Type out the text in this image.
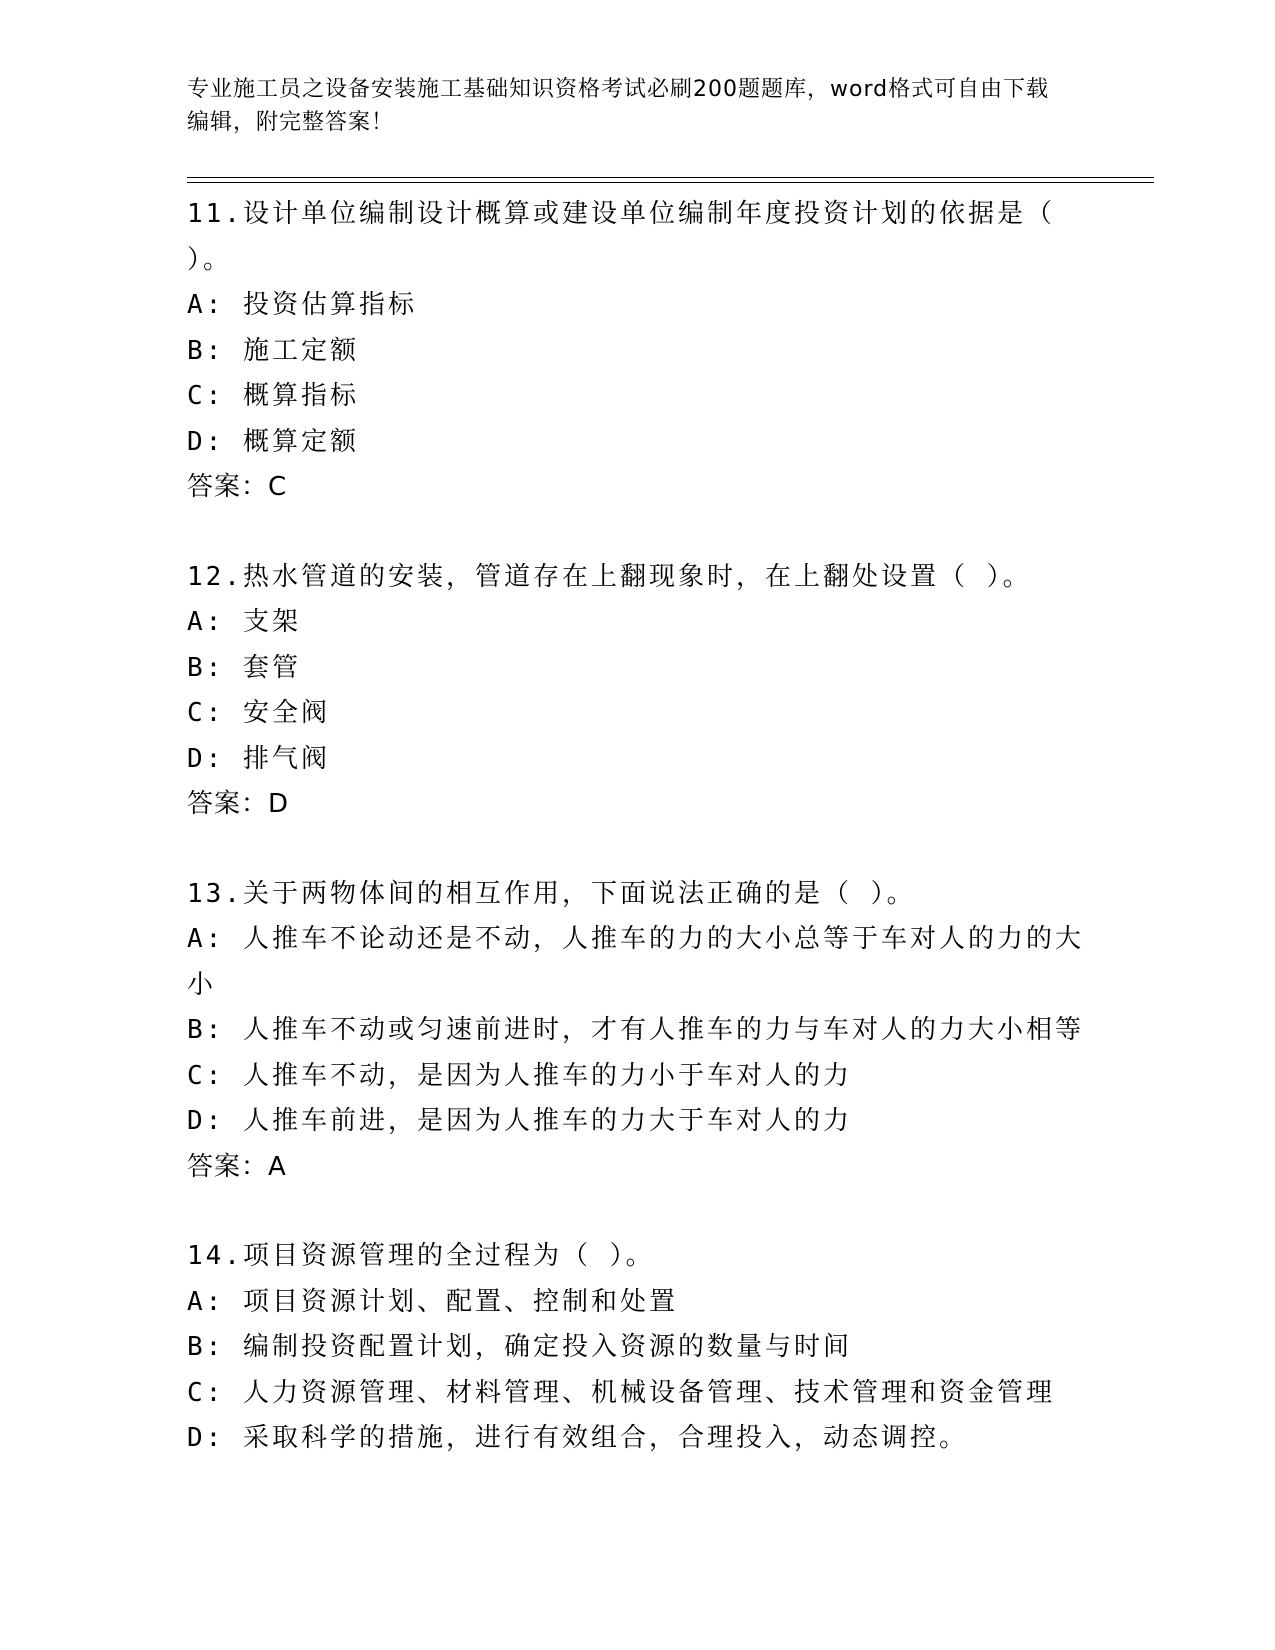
专业施工员之设备安装施工基础知识资格考试必刷200题题库，word格式可自由下载编辑，附完整答案！
11.设计单位编制设计概算或建设单位编制年度投资计划的依据是（ ）。
A: 投资估算指标
B: 施工定额
C: 概算指标
D: 概算定额
答案：C
12.热水管道的安装，管道存在上翻现象时，在上翻处设置（ ）。
A: 支架
B: 套管
C: 安全阀
D: 排气阀
答案：D
13.关于两物体间的相互作用，下面说法正确的是（ ）。
A: 人推车不论动还是不动，人推车的力的大小总等于车对人的力的大小
B: 人推车不动或匀速前进时，才有人推车的力与车对人的力大小相等
C: 人推车不动，是因为人推车的力小于车对人的力
D: 人推车前进，是因为人推车的力大于车对人的力
答案：A
14.项目资源管理的全过程为（ ）。
A: 项目资源计划、配置、控制和处置
B: 编制投资配置计划，确定投入资源的数量与时间
C: 人力资源管理、材料管理、机械设备管理、技术管理和资金管理
D: 采取科学的措施，进行有效组合，合理投入，动态调控。
